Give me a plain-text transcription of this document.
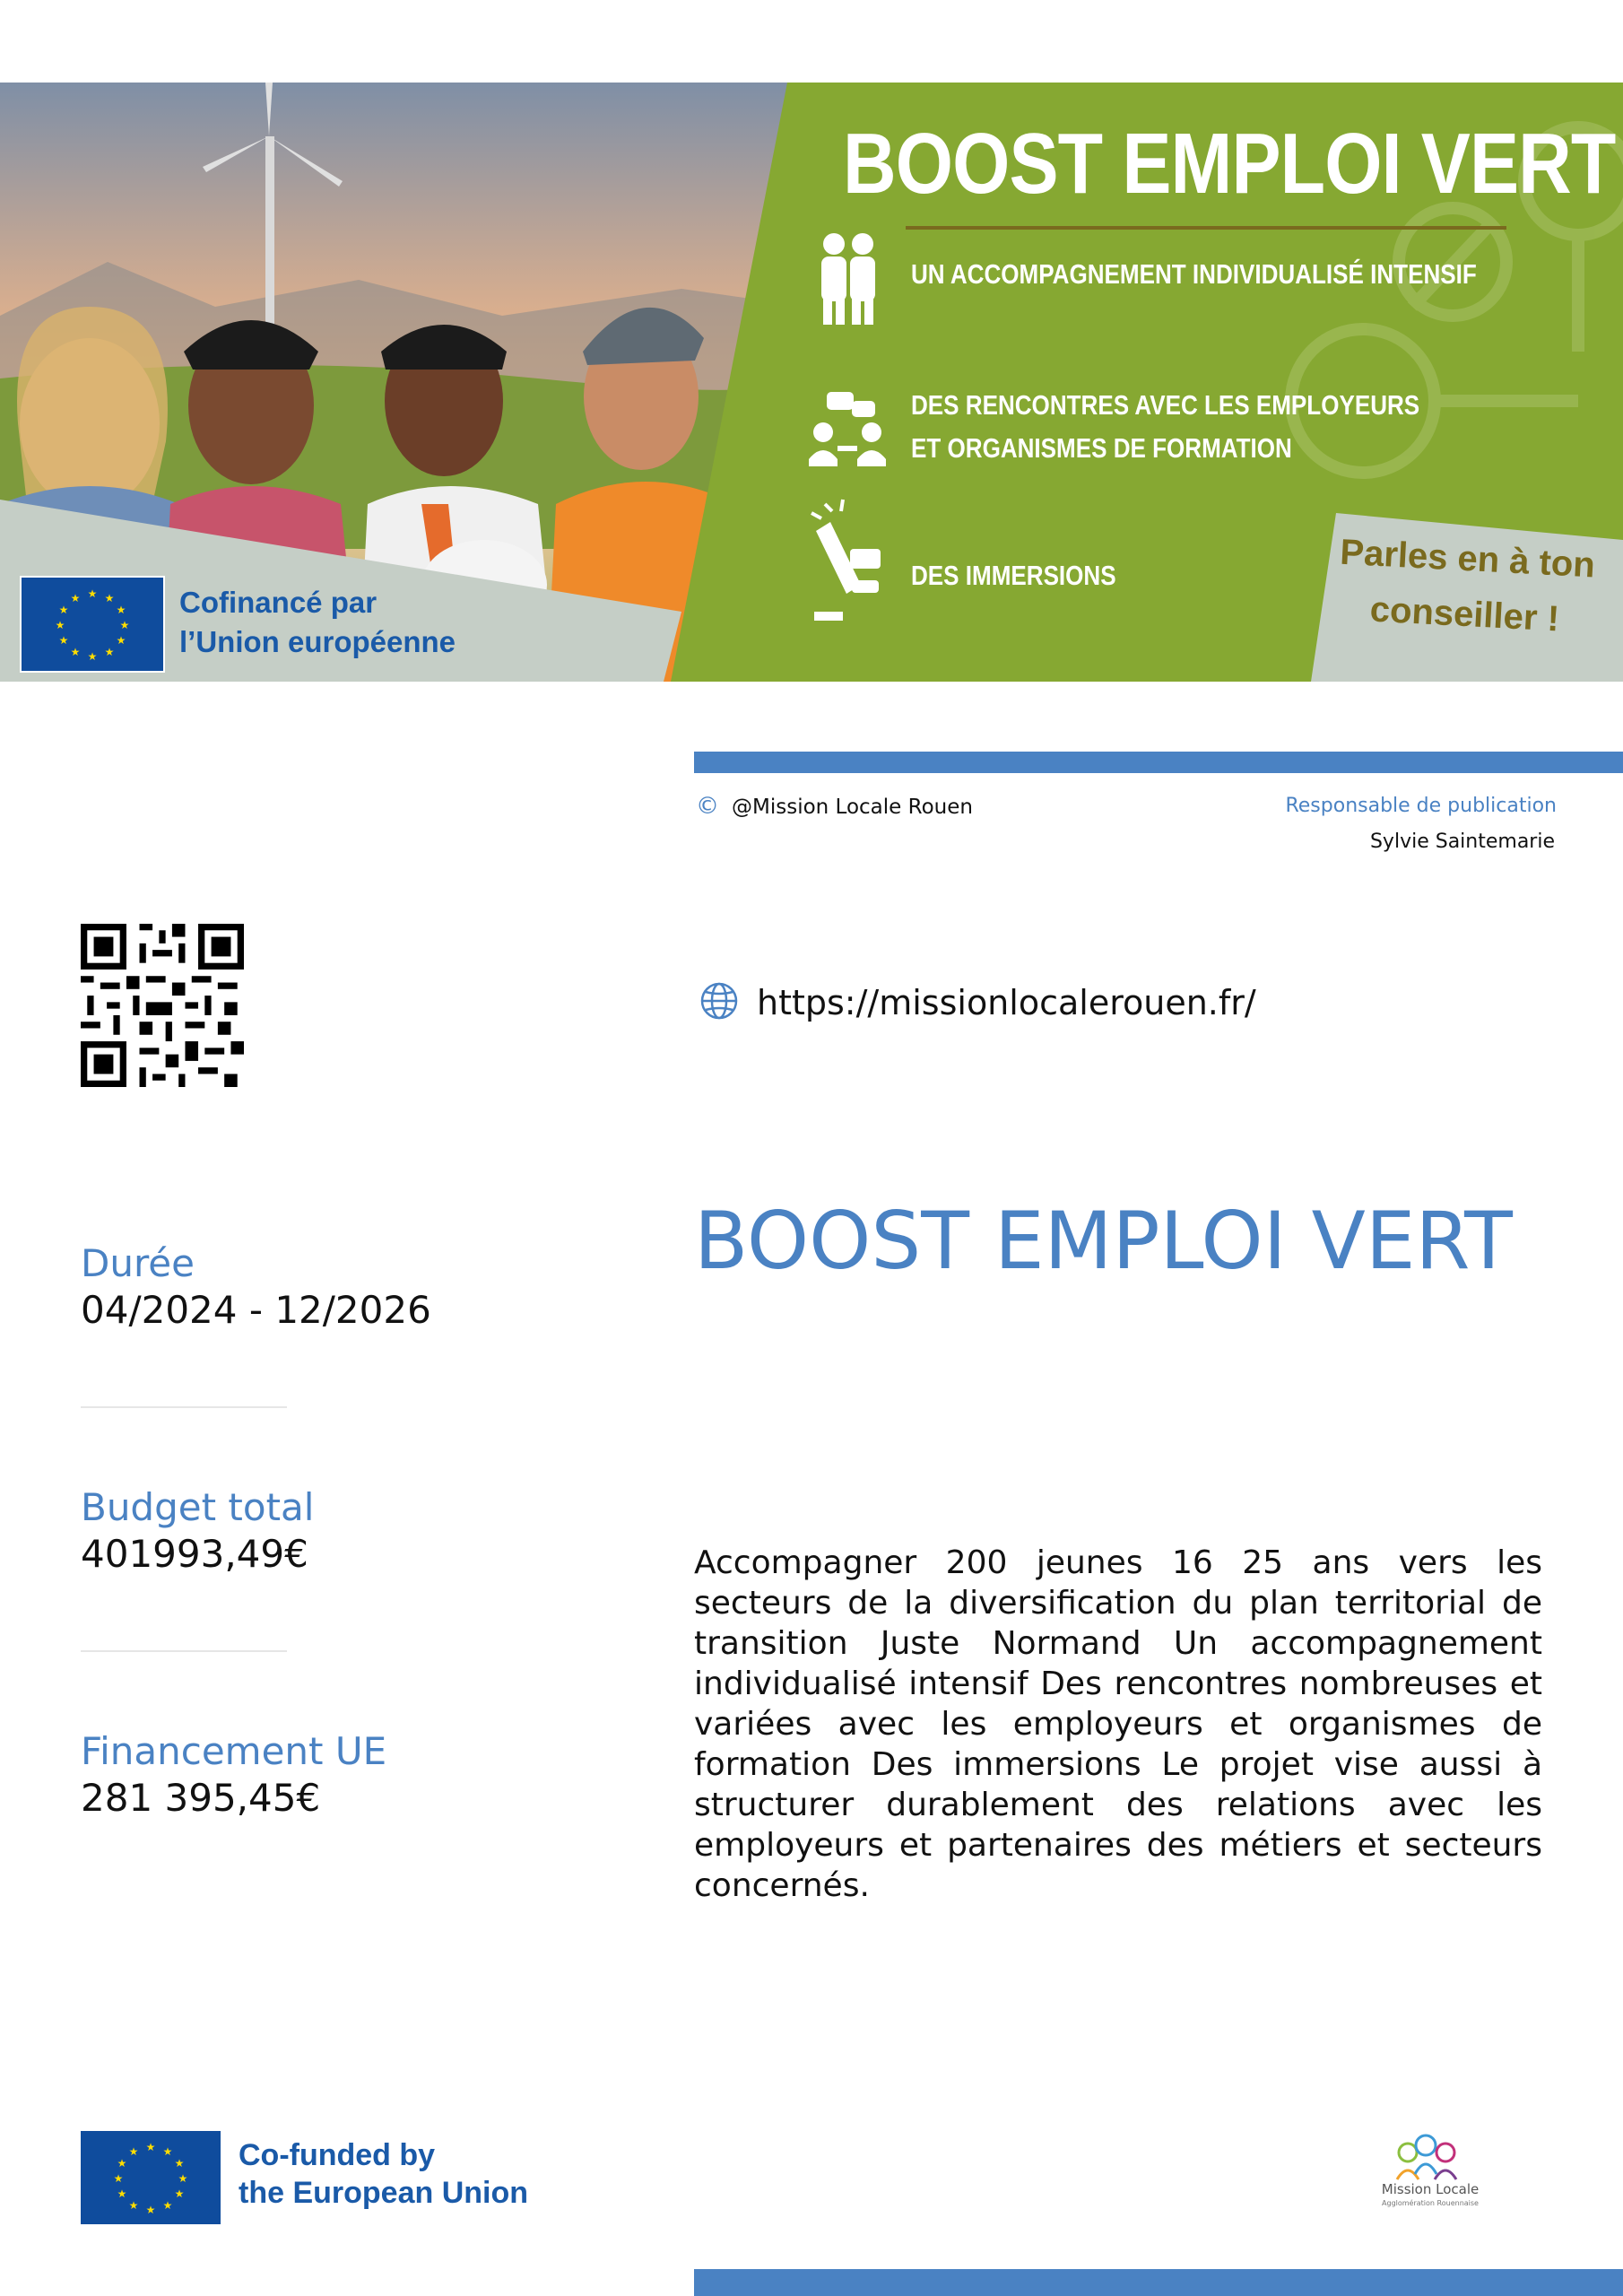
BOOST EMPLOI VERT
UN ACCOMPAGNEMENT INDIVIDUALISÉ INTENSIF
DES RENCONTRES AVEC LES EMPLOYEURS
ET ORGANISMES DE FORMATION
DES IMMERSIONS
★ ★
★
★
★
★
★
★
★
★
★
★	Cofinancé par
l’Union européenne
Parles en à ton
conseiller !
© @Mission Locale Rouen	Responsable de publication
Sylvie Saintemarie
https://missionlocalerouen.fr/
BOOST EMPLOI VERT
Durée
04/2024 - 12/2026
Budget total
401993,49€
Financement UE
281 395,45€
Accompagner 200 jeunes 16 25 ans vers les secteurs de la diversification du plan territorial de transition Juste Normand Un accompagnement individualisé intensif Des rencontres nombreuses et variées avec les employeurs et organismes de formation Des immersions Le projet vise aussi à structurer durablement des relations avec les employeurs et partenaires des métiers et secteurs concernés.
★ ★
★
★
★
★
★
★
★
★
★
★	Co-funded by
the European Union	Mission Locale
Agglomération Rouennaise
